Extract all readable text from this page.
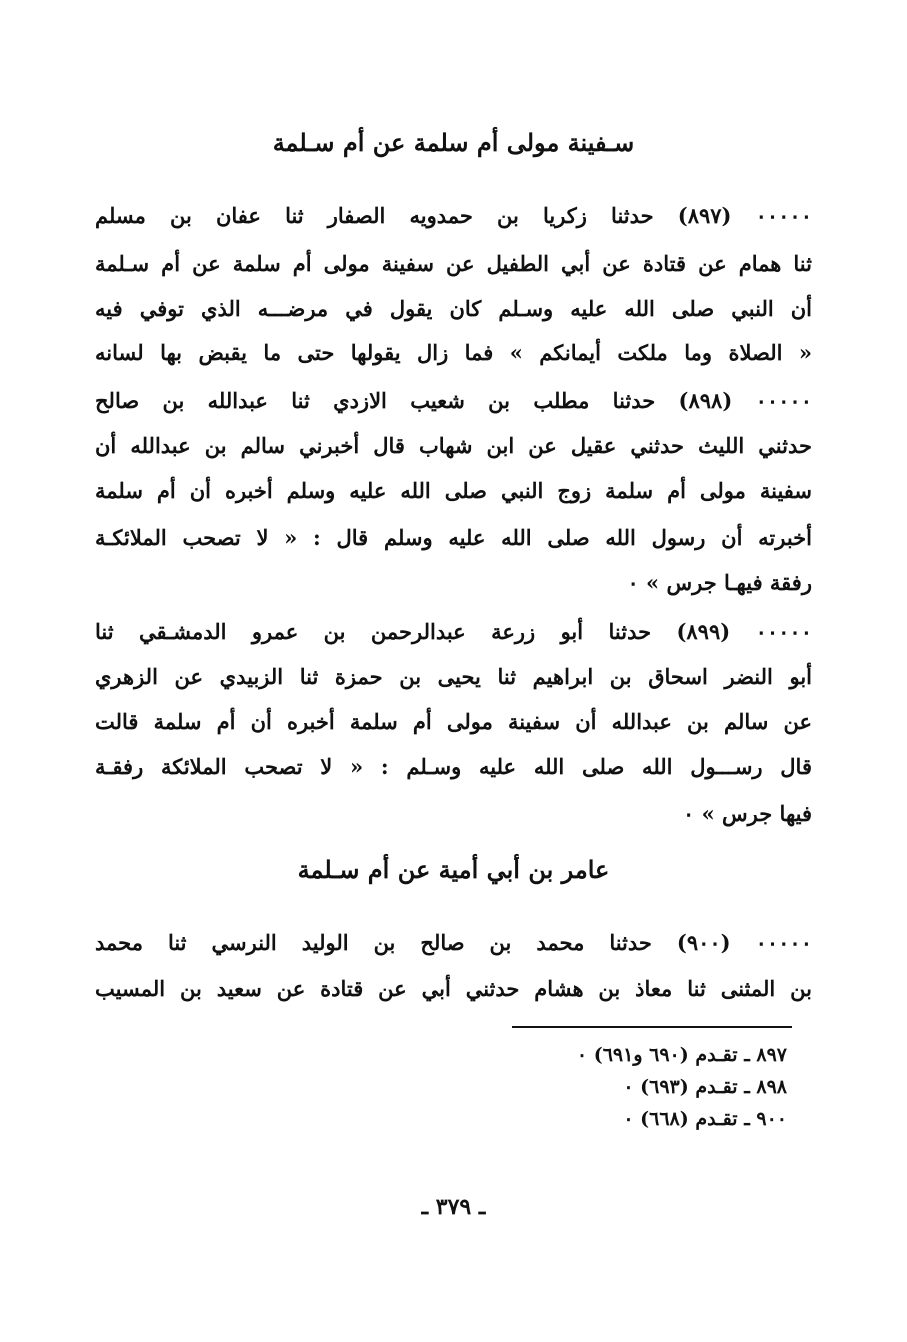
سـفينة مولى أم سلمة عن أم سـلمة
٠٠٠٠٠ (٨٩٧) حدثنا زكريا بن حمدويه الصفار ثنا عفان بن مسلم
ثنا همام عن قتادة عن أبي الطفيل عن سفينة مولى أم سلمة عن أم سـلمة
أن النبي صلى الله عليه وسـلم كان يقول في مرضـــه الذي توفي فيه
« الصلاة وما ملكت أيمانكم » فما زال يقولها حتى ما يقبض بها لسانه
٠٠٠٠٠ (٨٩٨) حدثنا مطلب بن شعيب الازدي ثنا عبدالله بن صالح
حدثني الليث حدثني عقيل عن ابن شهاب قال أخبرني سالم بن عبدالله أن
سفينة مولى أم سلمة زوج النبي صلى الله عليه وسلم أخبره أن أم سلمة
أخبرته أن رسول الله صلى الله عليه وسلم قال : « لا تصحب الملائكـة
رفقة فيهـا جرس » ٠
٠٠٠٠٠ (٨٩٩) حدثنا أبو زرعة عبدالرحمن بن عمرو الدمشـقي ثنا
أبو النضر اسحاق بن ابراهيم ثنا يحيى بن حمزة ثنا الزبيدي عن الزهري
عن سالم بن عبدالله أن سفينة مولى أم سلمة أخبره أن أم سلمة قالت
قال رســـول الله صلى الله عليه وسـلم : « لا تصحب الملائكة رفقـة
فيها جرس » ٠
عامر بن أبي أمية عن أم سـلمة
٠٠٠٠٠ (٩٠٠) حدثنا محمد بن صالح بن الوليد النرسي ثنا محمد
بن المثنى ثنا معاذ بن هشام حدثني أبي عن قتادة عن سعيد بن المسيب
٨٩٧ ـ تقـدم (٦٩٠ و٦٩١) ٠
٨٩٨ ـ تقـدم (٦٩٣) ٠
٩٠٠ ـ تقـدم (٦٦٨) ٠
ـ ٣٧٩ ـ
